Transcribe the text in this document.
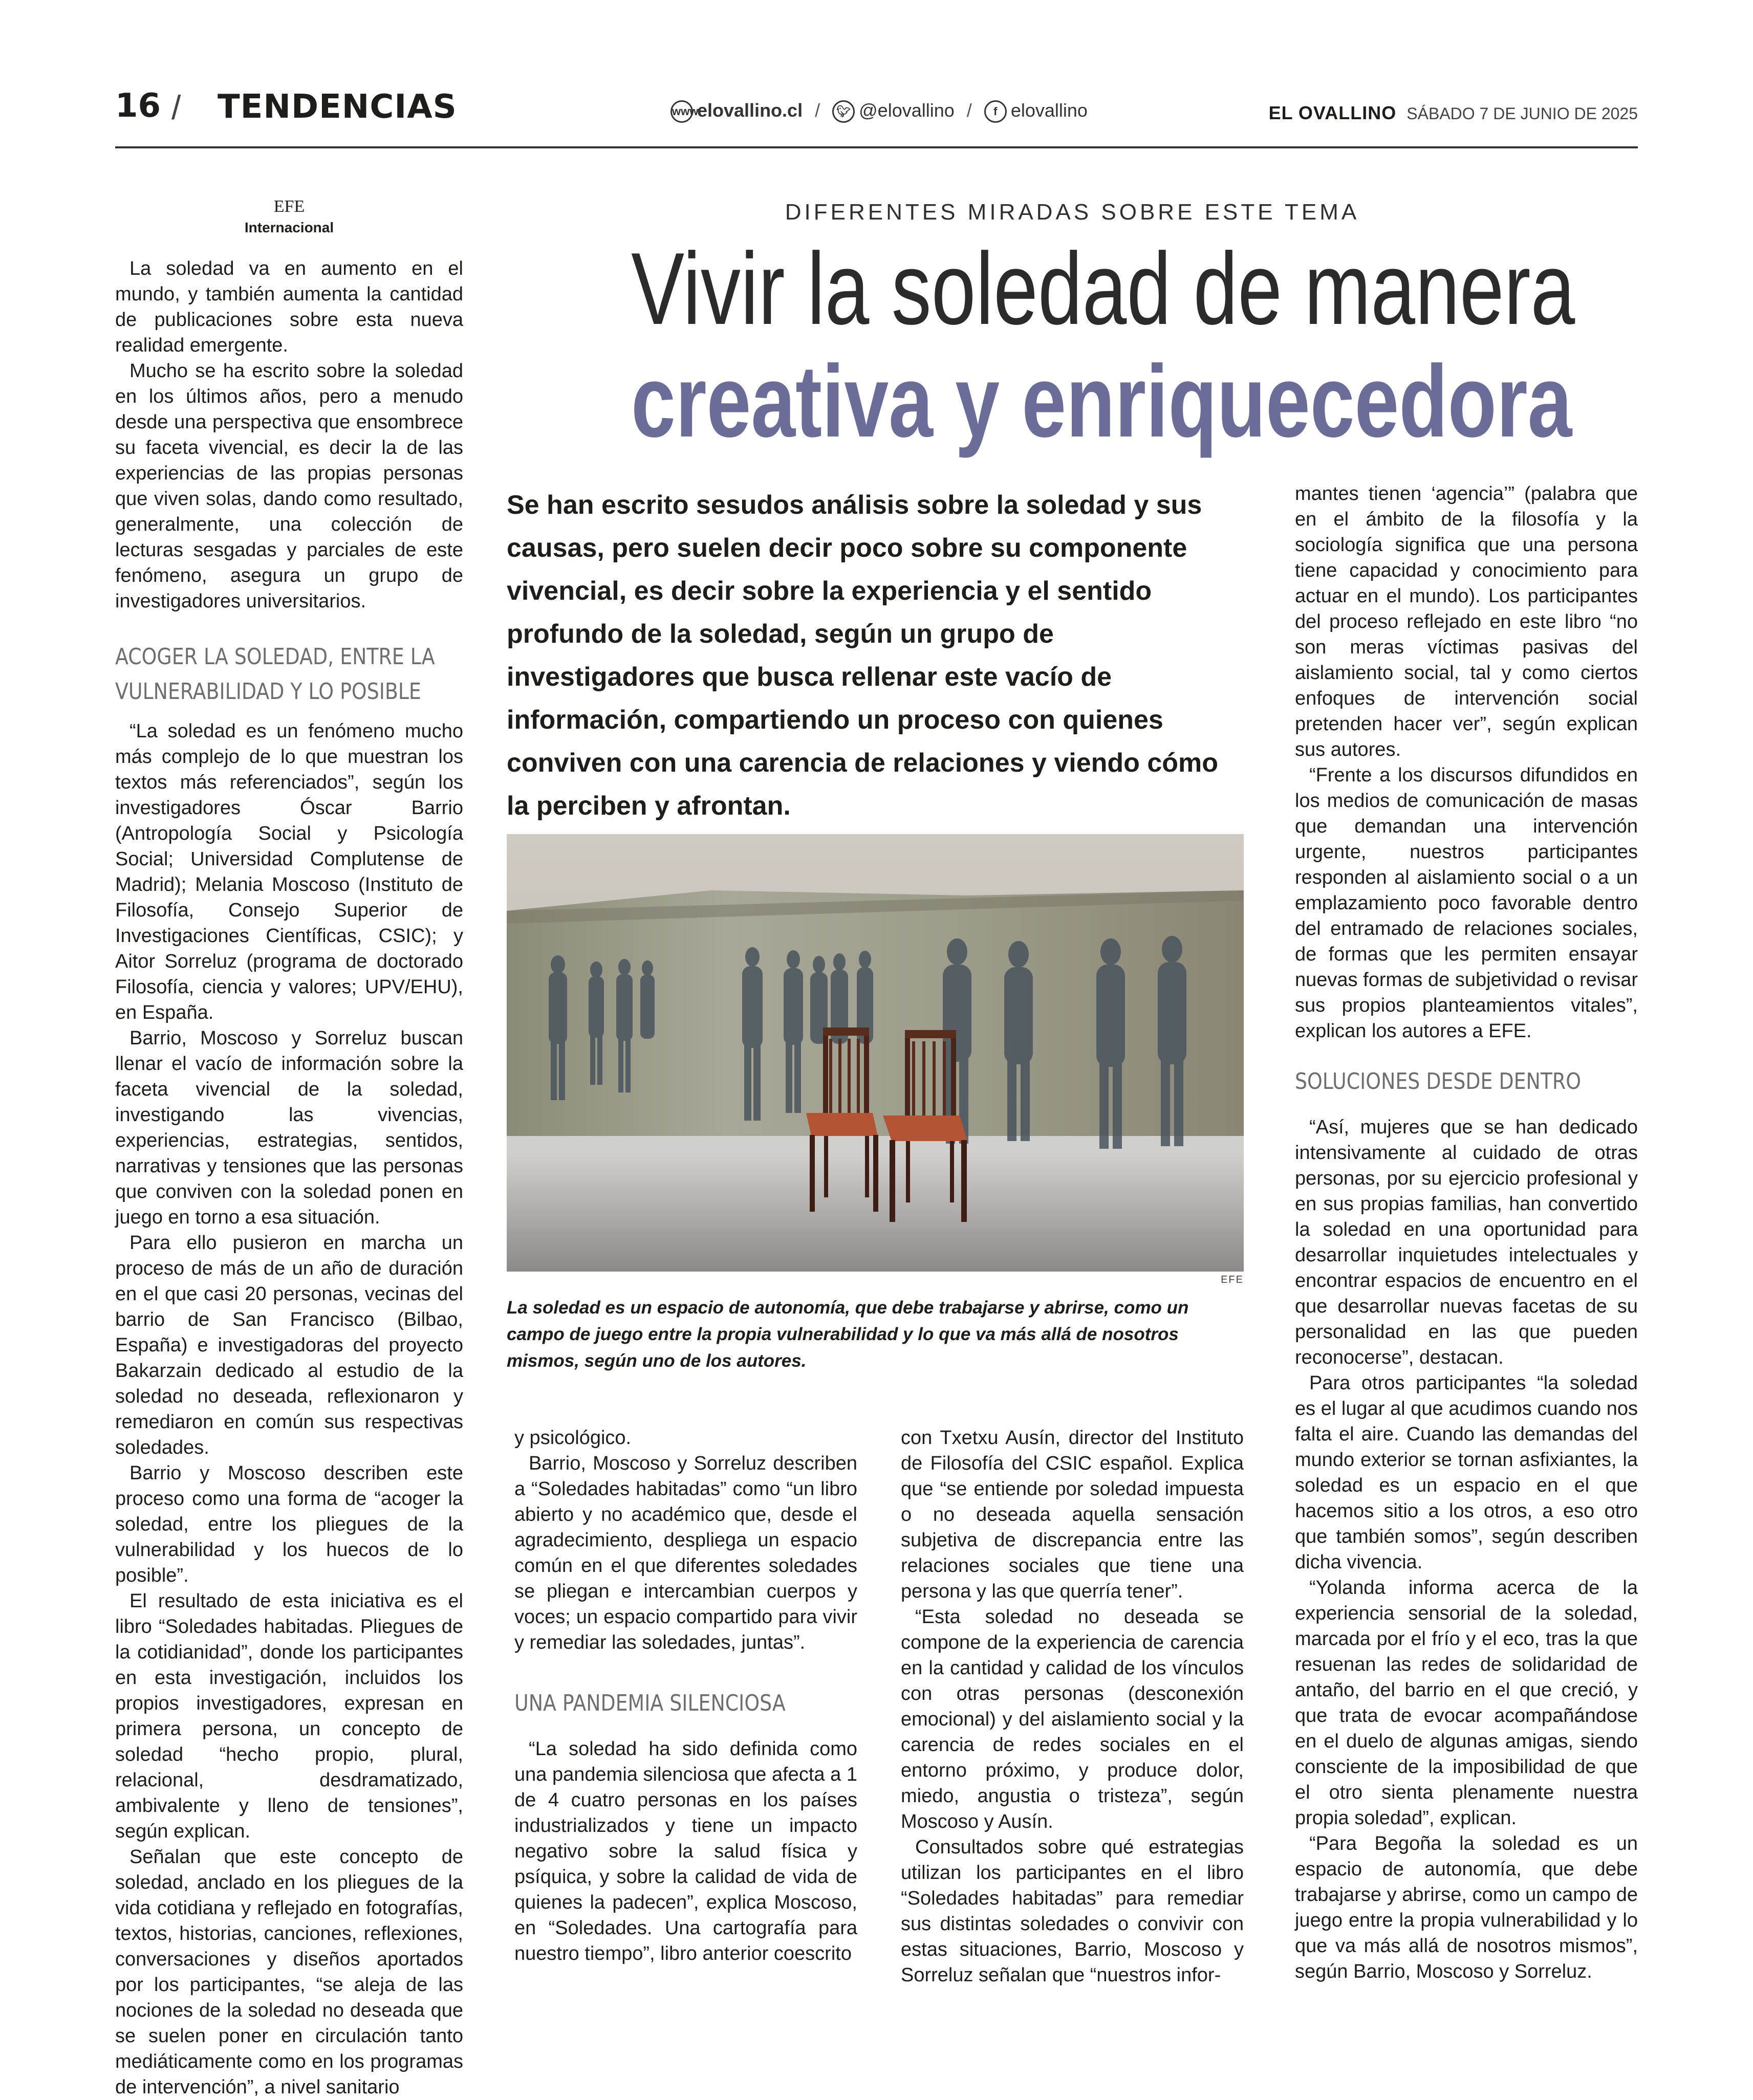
16 / TENDENCIAS	wwwelovallino.cl / 🐦︎ @elovallino / f elovallino	EL OVALLINO SÁBADO 7 DE JUNIO DE 2025
EFE
Internacional
DIFERENTES MIRADAS SOBRE ESTE TEMA
Vivir la soledad de manera
creativa y enriquecedora
Se han escrito sesudos análisis sobre la soledad y sus causas, pero suelen decir poco sobre su componente vivencial, es decir sobre la experiencia y el sentido profundo de la soledad, según un grupo de investigadores que busca rellenar este vacío de información, compartiendo un proceso con quienes conviven con una carencia de relaciones y viendo cómo la perciben y afrontan.
EFE
La soledad es un espacio de autonomía, que debe trabajarse y abrirse, como un campo de juego entre la propia vulnerabilidad y lo que va más allá de nosotros mismos, según uno de los autores.

La soledad va en aumento en el mundo, y también aumenta la cantidad de publicaciones sobre esta nueva realidad emergente.

Mucho se ha escrito sobre la soledad en los últimos años, pero a menudo desde una perspectiva que ensombrece su faceta vivencial, es decir la de las experiencias de las propias personas que viven solas, dando como resultado, generalmente, una colección de lecturas sesgadas y parciales de este fenómeno, asegura un grupo de investigadores universitarios.

ACOGER LA SOLEDAD, ENTRE LA VULNERABILIDAD Y LO POSIBLE

“La soledad es un fenómeno mucho más complejo de lo que muestran los textos más referenciados”, según los investigadores Óscar Barrio (Antropología Social y Psicología Social; Universidad Complutense de Madrid); Melania Moscoso (Instituto de Filosofía, Consejo Superior de Investigaciones Científicas, CSIC); y Aitor Sorreluz (programa de doctorado Filosofía, ciencia y valores; UPV/EHU), en España.

Barrio, Moscoso y Sorreluz buscan llenar el vacío de información sobre la faceta vivencial de la soledad, investigando las vivencias, experiencias, estrategias, sentidos, narrativas y tensiones que las personas que conviven con la soledad ponen en juego en torno a esa situación.

Para ello pusieron en marcha un proceso de más de un año de duración en el que casi 20 personas, vecinas del barrio de San Francisco (Bilbao, España) e investigadoras del proyecto Bakarzain dedicado al estudio de la soledad no deseada, reflexionaron y remediaron en común sus respectivas soledades.

Barrio y Moscoso describen este proceso como una forma de “acoger la soledad, entre los pliegues de la vulnerabilidad y los huecos de lo posible”.

El resultado de esta iniciativa es el libro “Soledades habitadas. Pliegues de la cotidianidad”, donde los participantes en esta investigación, incluidos los propios investigadores, expresan en primera persona, un concepto de soledad “hecho propio, plural, relacional, desdramatizado, ambivalente y lleno de tensiones”, según explican.

Señalan que este concepto de soledad, anclado en los pliegues de la vida cotidiana y reflejado en fotografías, textos, historias, canciones, reflexiones, conversaciones y diseños aportados por los participantes, “se aleja de las nociones de la soledad no deseada que se suelen poner en circulación tanto mediáticamente como en los programas de intervención”, a nivel sanitario

y psicológico.

Barrio, Moscoso y Sorreluz describen a “Soledades habitadas” como “un libro abierto y no académico que, desde el agradecimiento, despliega un espacio común en el que diferentes soledades se pliegan e intercambian cuerpos y voces; un espacio compartido para vivir y remediar las soledades, juntas”.

UNA PANDEMIA SILENCIOSA

“La soledad ha sido definida como una pandemia silenciosa que afecta a 1 de 4 cuatro personas en los países industrializados y tiene un impacto negativo sobre la salud física y psíquica, y sobre la calidad de vida de quienes la padecen”, explica Moscoso, en “Soledades. Una cartografía para nuestro tiempo”, libro anterior coescrito

con Txetxu Ausín, director del Instituto de Filosofía del CSIC español. Explica que “se entiende por soledad impuesta o no deseada aquella sensación subjetiva de discrepancia entre las relaciones sociales que tiene una persona y las que querría tener”.

“Esta soledad no deseada se compone de la experiencia de carencia en la cantidad y calidad de los vínculos con otras personas (desconexión emocional) y del aislamiento social y la carencia de redes sociales en el entorno próximo, y produce dolor, miedo, angustia o tristeza”, según Moscoso y Ausín.

Consultados sobre qué estrategias utilizan los participantes en el libro “Soledades habitadas” para remediar sus distintas soledades o convivir con estas situaciones, Barrio, Moscoso y Sorreluz señalan que “nuestros infor-

mantes tienen ‘agencia’” (palabra que en el ámbito de la filosofía y la sociología significa que una persona tiene capacidad y conocimiento para actuar en el mundo). Los participantes del proceso reflejado en este libro “no son meras víctimas pasivas del aislamiento social, tal y como ciertos enfoques de intervención social pretenden hacer ver”, según explican sus autores.

“Frente a los discursos difundidos en los medios de comunicación de masas que demandan una intervención urgente, nuestros participantes responden al aislamiento social o a un emplazamiento poco favorable dentro del entramado de relaciones sociales, de formas que les permiten ensayar nuevas formas de subjetividad o revisar sus propios planteamientos vitales”, explican los autores a EFE.

SOLUCIONES DESDE DENTRO

“Así, mujeres que se han dedicado intensivamente al cuidado de otras personas, por su ejercicio profesional y en sus propias familias, han convertido la soledad en una oportunidad para desarrollar inquietudes intelectuales y encontrar espacios de encuentro en el que desarrollar nuevas facetas de su personalidad en las que pueden reconocerse”, destacan.

Para otros participantes “la soledad es el lugar al que acudimos cuando nos falta el aire. Cuando las demandas del mundo exterior se tornan asfixiantes, la soledad es un espacio en el que hacemos sitio a los otros, a eso otro que también somos”, según describen dicha vivencia.

“Yolanda informa acerca de la experiencia sensorial de la soledad, marcada por el frío y el eco, tras la que resuenan las redes de solidaridad de antaño, del barrio en el que creció, y que trata de evocar acompañándose en el duelo de algunas amigas, siendo consciente de la imposibilidad de que el otro sienta plenamente nuestra propia soledad”, explican.

“Para Begoña la soledad es un espacio de autonomía, que debe trabajarse y abrirse, como un campo de juego entre la propia vulnerabilidad y lo que va más allá de nosotros mismos”, según Barrio, Moscoso y Sorreluz.
